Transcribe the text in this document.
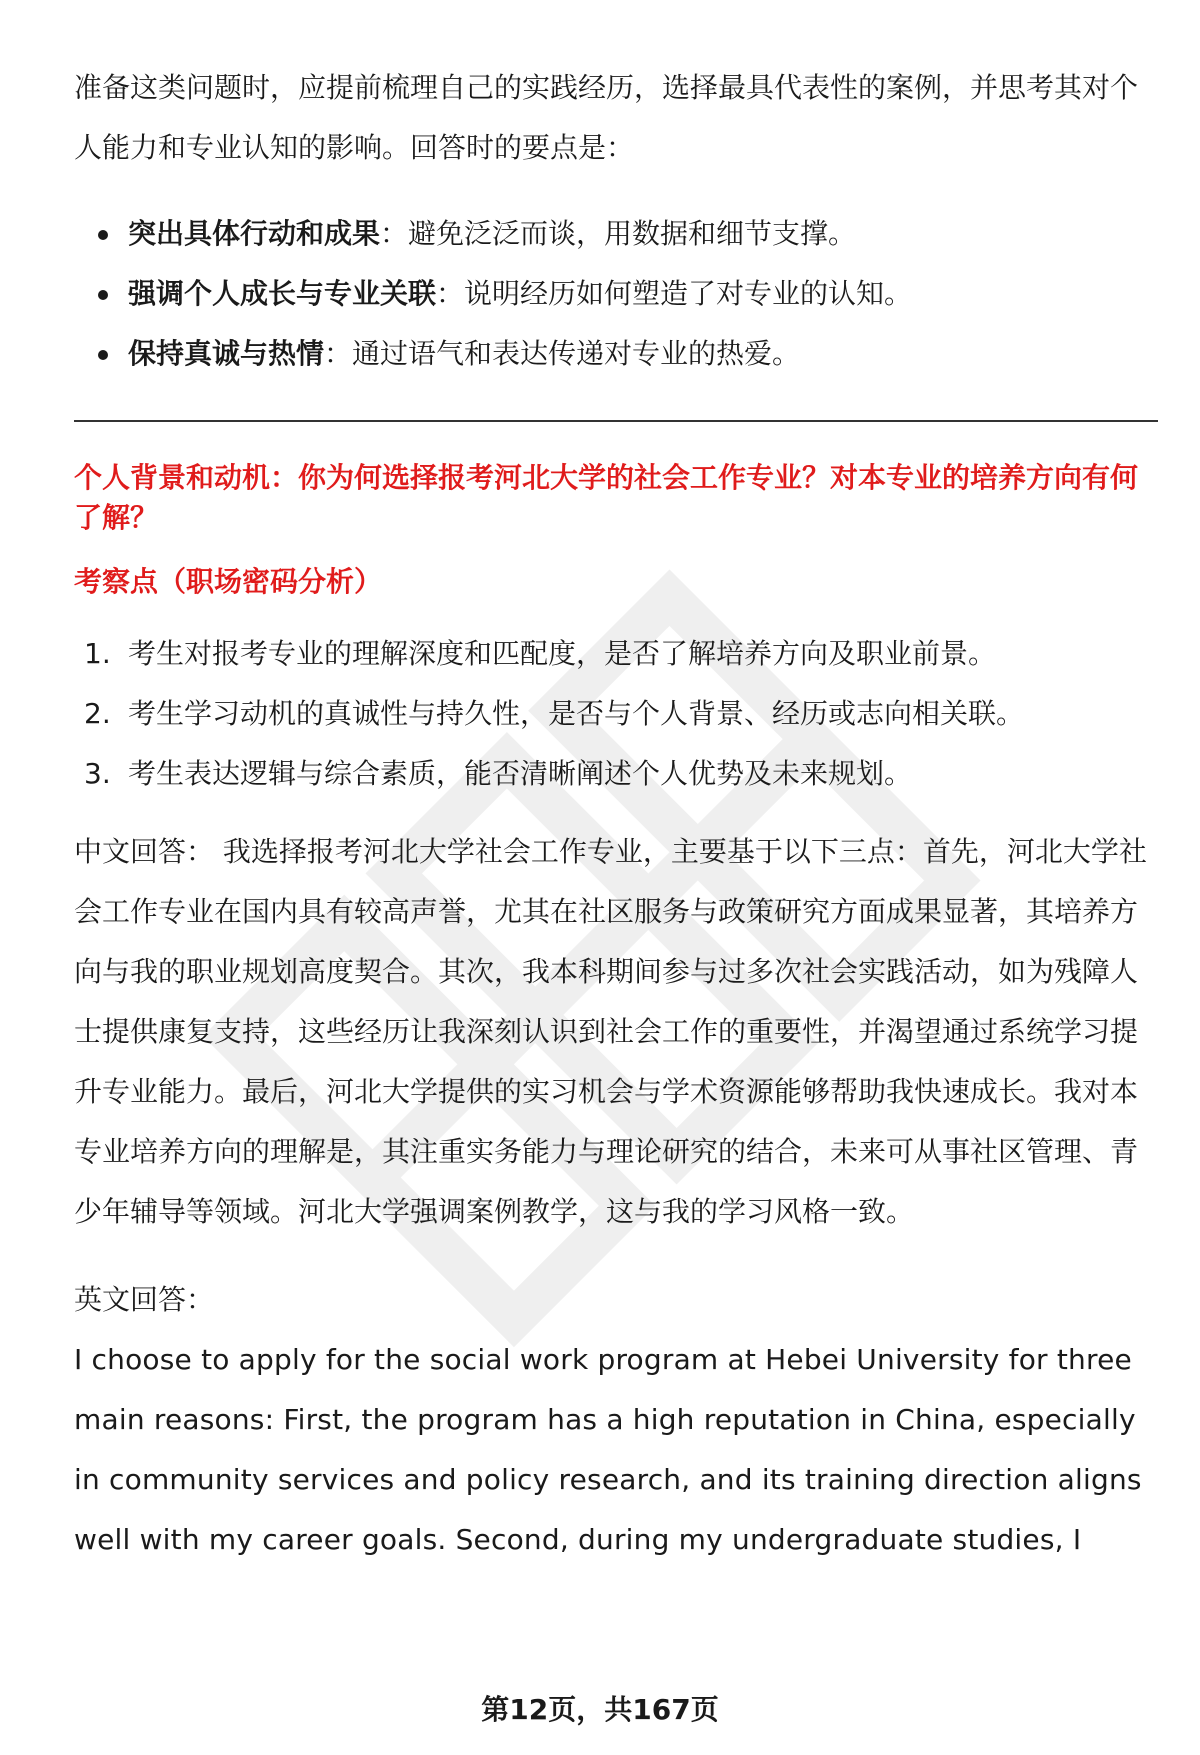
准备这类问题时，应提前梳理自己的实践经历，选择最具代表性的案例，并思考其对个人能力和专业认知的影响。回答时的要点是：

突出具体行动和成果：避免泛泛而谈，用数据和细节支撑。
强调个人成长与专业关联：说明经历如何塑造了对专业的认知。
保持真诚与热情：通过语气和表达传递对专业的热爱。
个人背景和动机：你为何选择报考河北大学的社会工作专业？对本专业的培养方向有何了解？
考察点（职场密码分析）
1. 考生对报考专业的理解深度和匹配度，是否了解培养方向及职业前景。
2. 考生学习动机的真诚性与持久性，是否与个人背景、经历或志向相关联。
3. 考生表达逻辑与综合素质，能否清晰阐述个人优势及未来规划。

中文回答： 我选择报考河北大学社会工作专业，主要基于以下三点：首先，河北大学社会工作专业在国内具有较高声誉，尤其在社区服务与政策研究方面成果显著，其培养方向与我的职业规划高度契合。其次，我本科期间参与过多次社会实践活动，如为残障人士提供康复支持，这些经历让我深刻认识到社会工作的重要性，并渴望通过系统学习提升专业能力。最后，河北大学提供的实习机会与学术资源能够帮助我快速成长。我对本专业培养方向的理解是，其注重实务能力与理论研究的结合，未来可从事社区管理、青少年辅导等领域。河北大学强调案例教学，这与我的学习风格一致。

英文回答：

I choose to apply for the social work program at Hebei University for three main reasons: First, the program has a high reputation in China, especially in community services and policy research, and its training direction aligns well with my career goals. Second, during my undergraduate studies, I

第12页，共167页
